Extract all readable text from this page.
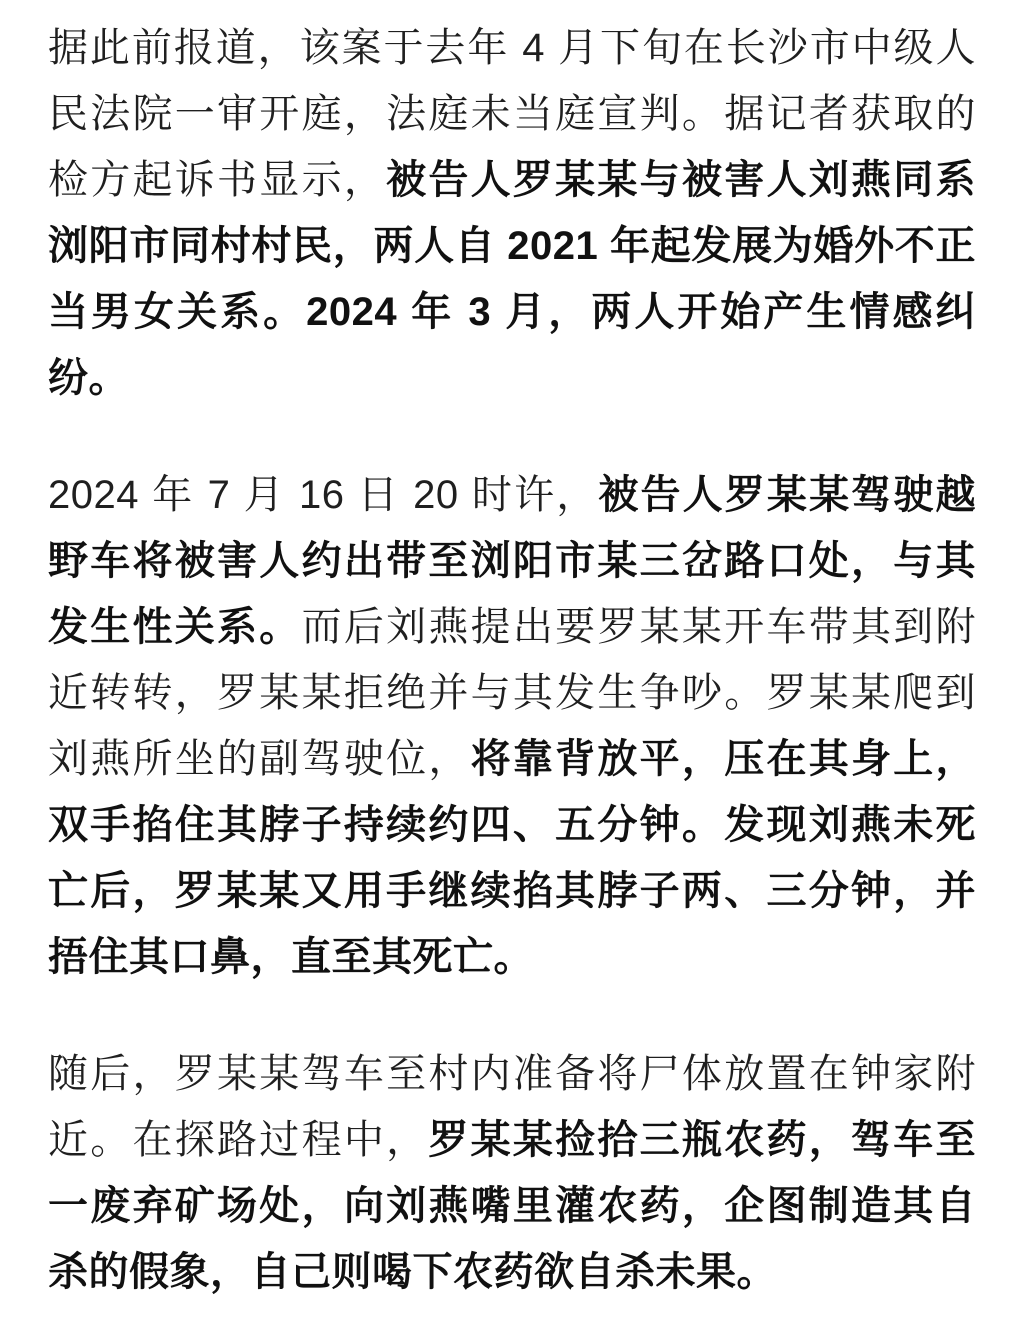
据此前报道，该案于去年 4 月下旬在长沙市中级人民法院一审开庭，法庭未当庭宣判。据记者获取的检方起诉书显示，被告人罗某某与被害人刘燕同系浏阳市同村村民，两人自 2021 年起发展为婚外不正当男女关系。2024 年 3 月，两人开始产生情感纠纷。

2024 年 7 月 16 日 20 时许，被告人罗某某驾驶越野车将被害人约出带至浏阳市某三岔路口处，与其发生性关系。而后刘燕提出要罗某某开车带其到附近转转，罗某某拒绝并与其发生争吵。罗某某爬到刘燕所坐的副驾驶位，将靠背放平，压在其身上，双手掐住其脖子持续约四、五分钟。发现刘燕未死亡后，罗某某又用手继续掐其脖子两、三分钟，并捂住其口鼻，直至其死亡。

随后，罗某某驾车至村内准备将尸体放置在钟家附近。在探路过程中，罗某某捡拾三瓶农药，驾车至一废弃矿场处，向刘燕嘴里灌农药，企图制造其自杀的假象，自己则喝下农药欲自杀未果。
